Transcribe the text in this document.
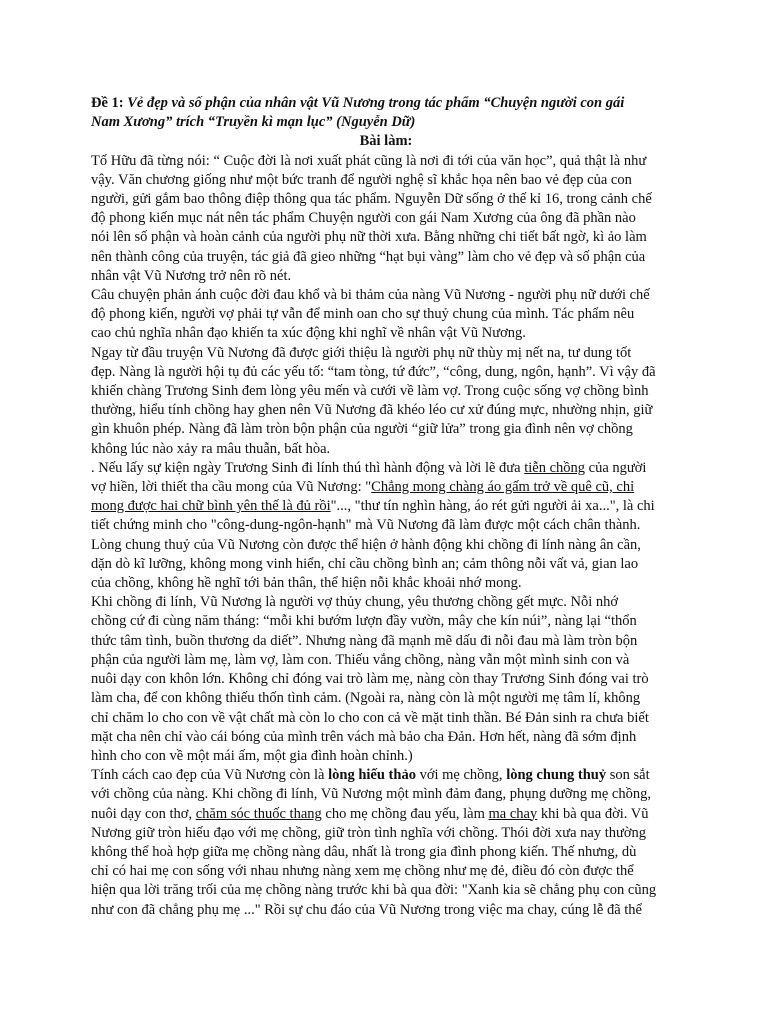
Đề 1: Vẻ đẹp và số phận của nhân vật Vũ Nương trong tác phẩm “Chuyện người con gái
Nam Xương” trích “Truyền kì mạn lục” (Nguyễn Dữ)
Bài làm:
Tố Hữu đã từng nói: “ Cuộc đời là nơi xuất phát cũng là nơi đi tới của văn học”, quả thật là như
vậy. Văn chương giống như một bức tranh để người nghệ sĩ khắc họa nên bao vẻ đẹp của con
người, gửi gắm bao thông điệp thông qua tác phẩm. Nguyễn Dữ sống ở thế kỉ 16, trong cảnh chế
độ phong kiến mục nát nên tác phẩm Chuyện người con gái Nam Xương của ông đã phần nào
nói lên số phận và hoàn cảnh của người phụ nữ thời xưa. Bằng những chi tiết bất ngờ, kì ảo làm
nên thành công của truyện, tác giả đã gieo những “hạt bụi vàng” làm cho vẻ đẹp và số phận của
nhân vật Vũ Nương trở nên rõ nét.
Câu chuyện phản ánh cuộc đời đau khổ và bi thảm của nàng Vũ Nương - người phụ nữ dưới chế
độ phong kiến, người vợ phải tự vẫn để minh oan cho sự thuỷ chung của mình. Tác phẩm nêu
cao chủ nghĩa nhân đạo khiến ta xúc động khi nghĩ về nhân vật Vũ Nương.
Ngay từ đầu truyện Vũ Nương đã được giới thiệu là người phụ nữ thùy mị nết na, tư dung tốt
đẹp. Nàng là người hội tụ đủ các yếu tố: “tam tòng, tứ đức”, “công, dung, ngôn, hạnh”. Vì vậy đã
khiến chàng Trương Sinh đem lòng yêu mến và cưới về làm vợ. Trong cuộc sống vợ chồng bình
thường, hiểu tính chồng hay ghen nên Vũ Nương đã khéo léo cư xử đúng mực, nhường nhịn, giữ
gìn khuôn phép. Nàng đã làm tròn bộn phận của người “giữ lửa” trong gia đình nên vợ chồng
không lúc nào xảy ra mâu thuẫn, bất hòa.
. Nếu lấy sự kiện ngày Trương Sinh đi lính thú thì hành động và lời lẽ đưa tiễn chồng của người
vợ hiền, lời thiết tha cầu mong của Vũ Nương: "Chẳng mong chàng áo gấm trở về quê cũ, chỉ
mong được hai chữ bình yên thế là đủ rồi"..., "thư tín nghìn hàng, áo rét gửi người ải xa...", là chi
tiết chứng minh cho "công-dung-ngôn-hạnh" mà Vũ Nương đã làm được một cách chân thành.
Lòng chung thuỷ của Vũ Nương còn được thể hiện ở hành động khi chồng đi lính nàng ân cần,
dặn dò kĩ lưỡng, không mong vinh hiển, chỉ cầu chồng bình an; cảm thông nỗi vất vả, gian lao
của chồng, không hề nghĩ tới bản thân, thể hiện nỗi khắc khoải nhớ mong.
Khi chồng đi lính, Vũ Nương là người vợ thủy chung, yêu thương chồng gết mực. Nỗi nhớ
chồng cứ đi cùng năm tháng: “mỗi khi bướm lượn đầy vườn, mây che kín núi”, nàng lại “thổn
thức tâm tình, buồn thương da diết”. Nhưng nàng đã mạnh mẽ dấu đi nỗi đau mà làm tròn bộn
phận của người làm mẹ, làm vợ, làm con. Thiếu vắng chồng, nàng vẫn một mình sinh con và
nuôi dạy con khôn lớn. Không chỉ đóng vai trò làm mẹ, nàng còn thay Trương Sinh đóng vai trò
làm cha, để con không thiếu thốn tình cảm. (Ngoài ra, nàng còn là một người mẹ tâm lí, không
chỉ chăm lo cho con về vật chất mà còn lo cho con cả về mặt tinh thần. Bé Đản sinh ra chưa biết
mặt cha nên chỉ vào cái bóng của mình trên vách mà bảo cha Đản. Hơn hết, nàng đã sớm định
hình cho con về một mái ấm, một gia đình hoàn chỉnh.)
Tính cách cao đẹp của Vũ Nương còn là lòng hiếu thảo với mẹ chồng, lòng chung thuỷ son sắt
với chồng của nàng. Khi chồng đi lính, Vũ Nương một mình đảm đang, phụng dưỡng mẹ chồng,
nuôi dạy con thơ, chăm sóc thuốc thang cho mẹ chồng đau yếu, làm ma chay khi bà qua đời. Vũ
Nương giữ tròn hiếu đạo với mẹ chồng, giữ tròn tình nghĩa với chồng. Thói đời xưa nay thường
không thể hoà hợp giữa mẹ chồng nàng dâu, nhất là trong gia đình phong kiến. Thế nhưng, dù
chỉ có hai mẹ con sống với nhau nhưng nàng xem mẹ chồng như mẹ đẻ, điều đó còn được thể
hiện qua lời trăng trối của mẹ chồng nàng trước khi bà qua đời: "Xanh kia sẽ chẳng phụ con cũng
như con đã chẳng phụ mẹ ..." Rồi sự chu đáo của Vũ Nương trong việc ma chay, cúng lễ đã thể
